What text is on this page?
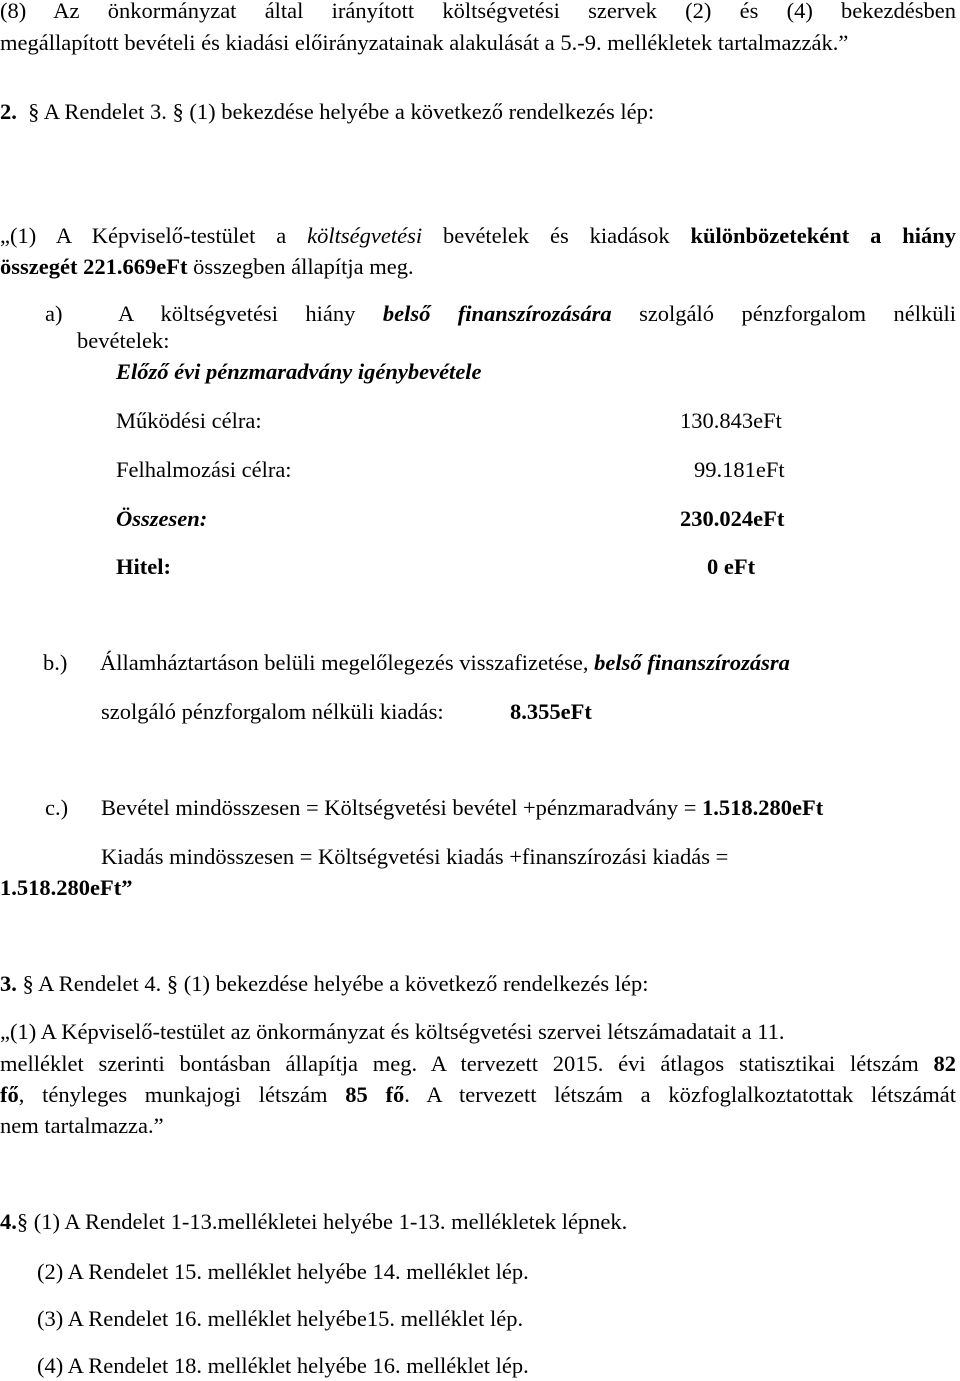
(8) Az önkormányzat által irányított költségvetési szervek (2) és (4) bekezdésben
megállapított bevételi és kiadási előirányzatainak alakulását a 5.-9. mellékletek tartalmazzák.”
2. § A Rendelet 3. § (1) bekezdése helyébe a következő rendelkezés lép:
„(1) A Képviselő-testület a költségvetési bevételek és kiadások különbözeteként a hiány
összegét 221.669eFt összegben állapítja meg.
a) A költségvetési hiány belső finanszírozására szolgáló pénzforgalom nélküli
bevételek:
Előző évi pénzmaradvány igénybevétele
Működési célra:	130.843eFt
Felhalmozási célra:	99.181eFt
Összesen:	230.024eFt
Hitel:	0 eFt
b.) Államháztartáson belüli megelőlegezés visszafizetése, belső finanszírozásra
szolgáló pénzforgalom nélküli kiadás:	8.355eFt
c.) Bevétel mindösszesen = Költségvetési bevétel +pénzmaradvány = 1.518.280eFt
Kiadás mindösszesen = Költségvetési kiadás +finanszírozási kiadás =
1.518.280eFt”
3. § A Rendelet 4. § (1) bekezdése helyébe a következő rendelkezés lép:
„(1) A Képviselő-testület az önkormányzat és költségvetési szervei létszámadatait a 11.
melléklet szerinti bontásban állapítja meg. A tervezett 2015. évi átlagos statisztikai létszám 82
fő, tényleges munkajogi létszám 85 fő. A tervezett létszám a közfoglalkoztatottak létszámát
nem tartalmazza.”
4.§ (1) A Rendelet 1-13.mellékletei helyébe 1-13. mellékletek lépnek.
(2) A Rendelet 15. melléklet helyébe 14. melléklet lép.
(3) A Rendelet 16. melléklet helyébe15. melléklet lép.
(4) A Rendelet 18. melléklet helyébe 16. melléklet lép.
